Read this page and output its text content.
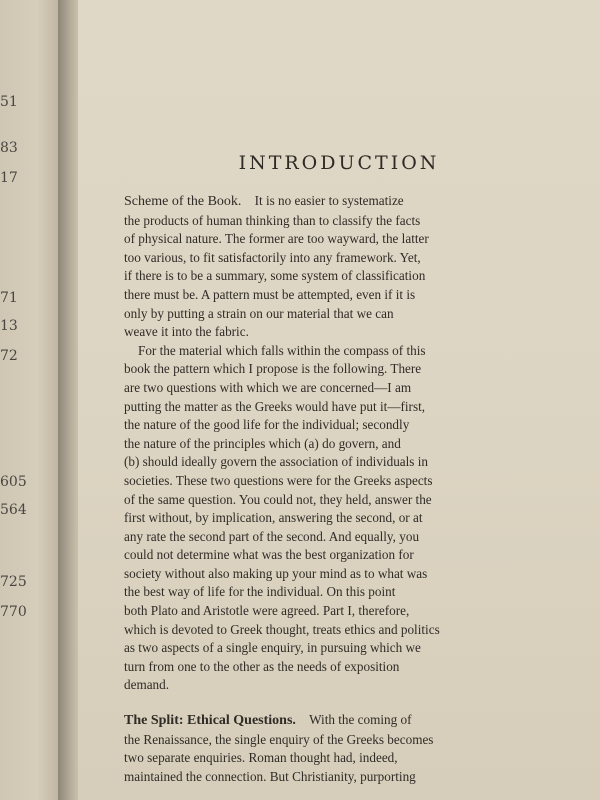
51
83
17
71
13
72
605
564
725
770
INTRODUCTION
Scheme of the Book. It is no easier to systematize
the products of human thinking than to classify the facts
of physical nature. The former are too wayward, the latter
too various, to fit satisfactorily into any framework. Yet,
if there is to be a summary, some system of classification
there must be. A pattern must be attempted, even if it is
only by putting a strain on our material that we can
weave it into the fabric.
For the material which falls within the compass of this
book the pattern which I propose is the following. There
are two questions with which we are concerned—I am
putting the matter as the Greeks would have put it—first,
the nature of the good life for the individual; secondly
the nature of the principles which (a) do govern, and
(b) should ideally govern the association of individuals in
societies. These two questions were for the Greeks aspects
of the same question. You could not, they held, answer the
first without, by implication, answering the second, or at
any rate the second part of the second. And equally, you
could not determine what was the best organization for
society without also making up your mind as to what was
the best way of life for the individual. On this point
both Plato and Aristotle were agreed. Part I, therefore,
which is devoted to Greek thought, treats ethics and politics
as two aspects of a single enquiry, in pursuing which we
turn from one to the other as the needs of exposition
demand.
The Split: Ethical Questions. With the coming of
the Renaissance, the single enquiry of the Greeks becomes
two separate enquiries. Roman thought had, indeed,
maintained the connection. But Christianity, purporting
